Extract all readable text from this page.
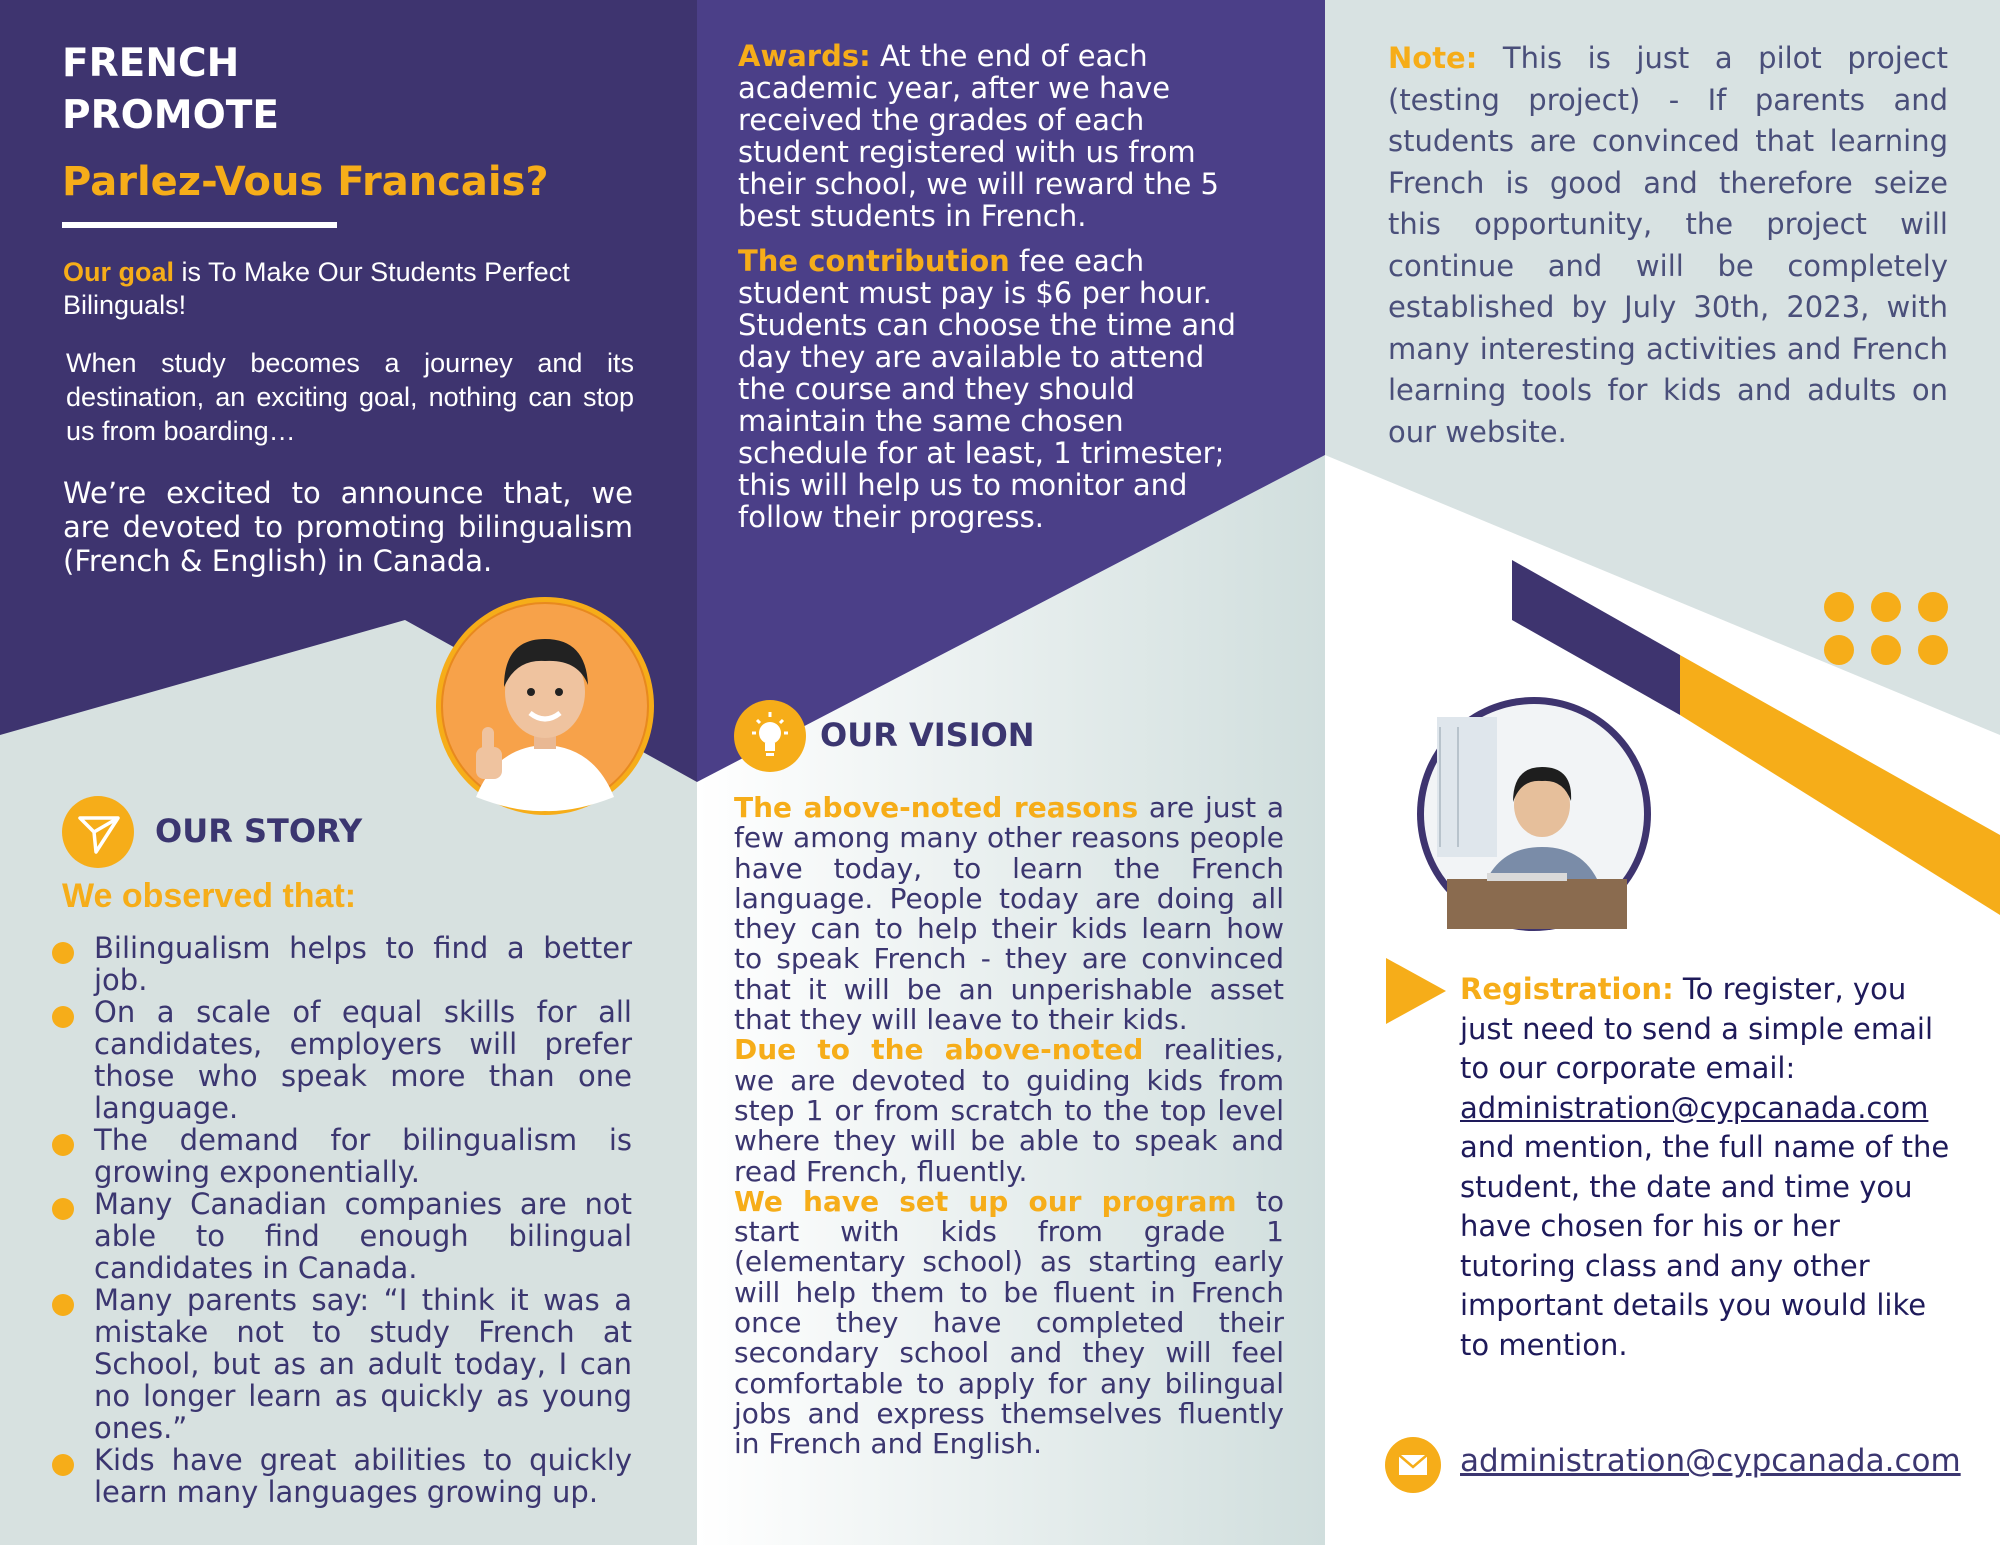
FRENCH PROMOTE
Parlez-Vous Francais?
Our goal is To Make Our Students Perfect Bilinguals!
When study becomes a journey and its destination, an exciting goal, nothing can stop us from boarding…
We’re excited to announce that, we are devoted to promoting bilingualism (French & English) in Canada.
OUR STORY
We observed that:
Bilingualism helps to find a better job.
On a scale of equal skills for all candidates, employers will prefer those who speak more than one language.
The demand for bilingualism is growing exponentially.
Many Canadian companies are not able to find enough bilingual candidates in Canada.
Many parents say: “I think it was a mistake not to study French at School, but as an adult today, I can no longer learn as quickly as young ones.”
Kids have great abilities to quickly learn many languages growing up.
Awards: At the end of each academic year, after we have received the grades of each student registered with us from their school, we will reward the 5 best students in French.
The contribution fee each student must pay is $6 per hour. Students can choose the time and day they are available to attend the course and they should maintain the same chosen schedule for at least, 1 trimester; this will help us to monitor and follow their progress.
OUR VISION
The above-noted reasons are just a few among many other reasons people have today, to learn the French language. People today are doing all they can to help their kids learn how to speak French - they are convinced that it will be an unperishable asset that they will leave to their kids.
Due to the above-noted realities, we are devoted to guiding kids from step 1 or from scratch to the top level where they will be able to speak and read French, fluently.
We have set up our program to start with kids from grade 1 (elementary school) as starting early will help them to be fluent in French once they have completed their secondary school and they will feel comfortable to apply for any bilingual jobs and express themselves fluently in French and English.
Note: This is just a pilot project (testing project) - If parents and students are convinced that learning French is good and therefore seize this opportunity, the project will continue and will be completely established by July 30th, 2023, with many interesting activities and French learning tools for kids and adults on our website.
Registration: To register, you just need to send a simple email to our corporate email: administration@cypcanada.com and mention, the full name of the student, the date and time you have chosen for his or her tutoring class and any other important details you would like to mention.
administration@cypcanada.com
